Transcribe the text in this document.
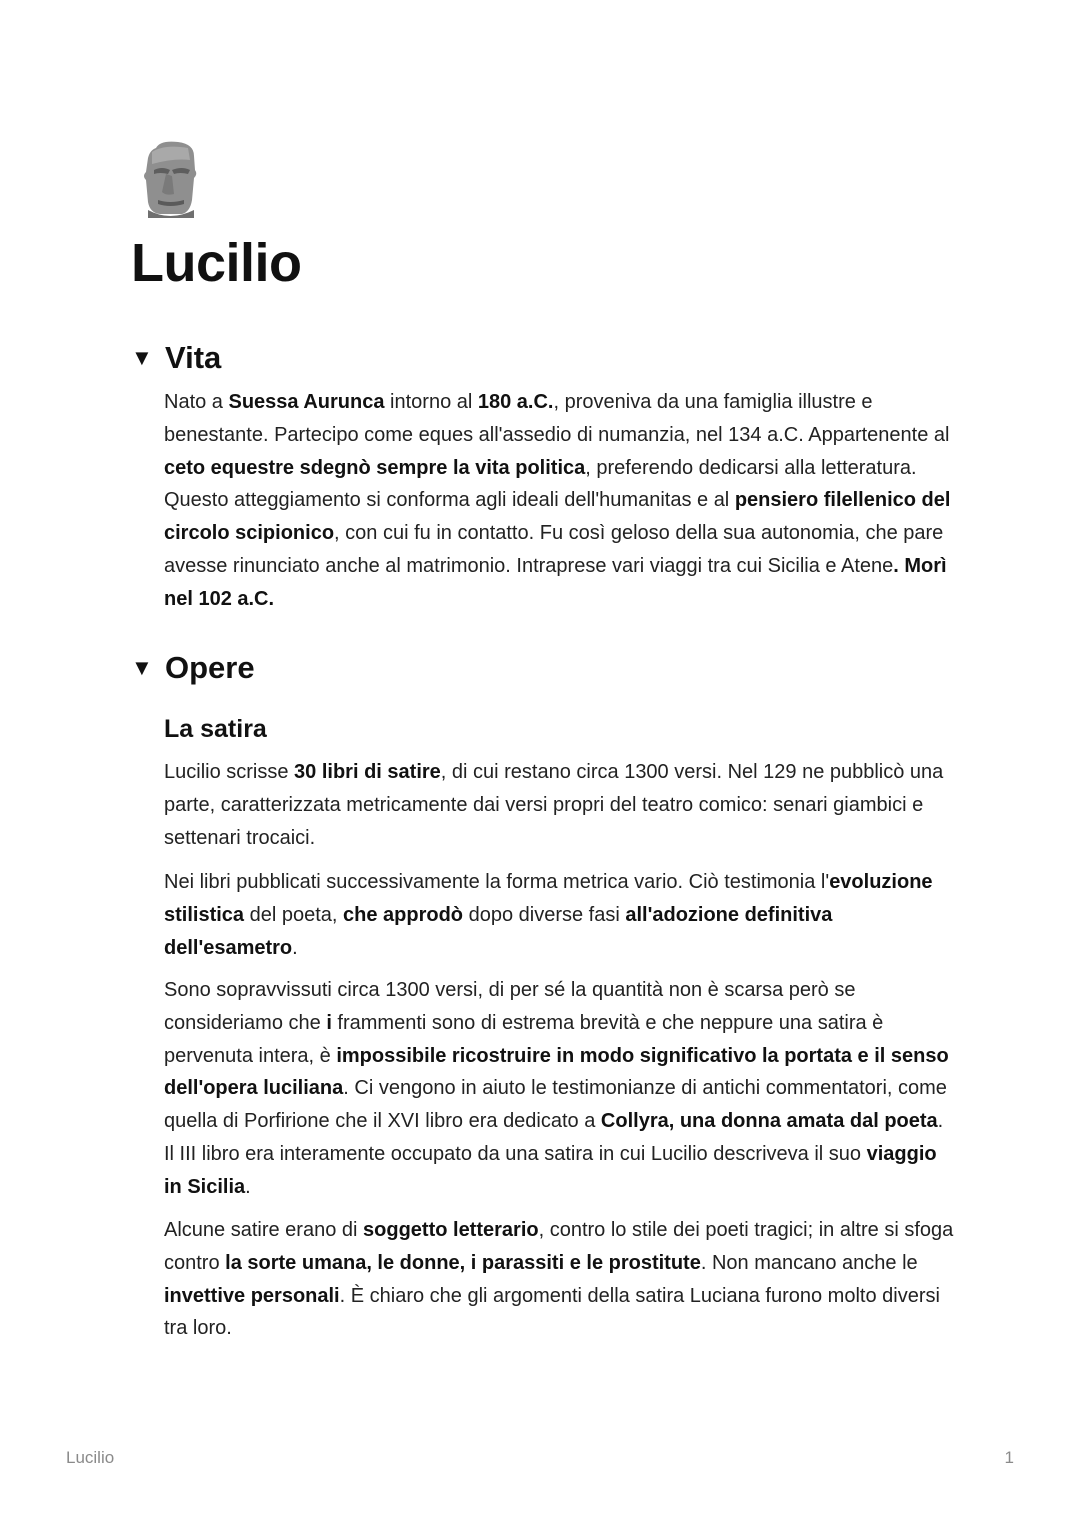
Lucilio
▼ Vita

Nato a Suessa Aurunca intorno al 180 a.C., proveniva da una famiglia illustre e benestante. Partecipo come eques all'assedio di numanzia, nel 134 a.C. Appartenente al ceto equestre sdegnò sempre la vita politica, preferendo dedicarsi alla letteratura. Questo atteggiamento si conforma agli ideali dell'humanitas e al pensiero filellenico del circolo scipionico, con cui fu in contatto. Fu così geloso della sua autonomia, che pare avesse rinunciato anche al matrimonio. Intraprese vari viaggi tra cui Sicilia e Atene. Morì nel 102 a.C.

▼ Opere
La satira

Lucilio scrisse 30 libri di satire, di cui restano circa 1300 versi. Nel 129 ne pubblicò una parte, caratterizzata metricamente dai versi propri del teatro comico: senari giambici e settenari trocaici.

Nei libri pubblicati successivamente la forma metrica vario. Ciò testimonia l'evoluzione stilistica del poeta, che approdò dopo diverse fasi all'adozione definitiva dell'esametro.

Sono sopravvissuti circa 1300 versi, di per sé la quantità non è scarsa però se consideriamo che i frammenti sono di estrema brevità e che neppure una satira è pervenuta intera, è impossibile ricostruire in modo significativo la portata e il senso dell'opera luciliana. Ci vengono in aiuto le testimonianze di antichi commentatori, come quella di Porfirione che il XVI libro era dedicato a Collyra, una donna amata dal poeta. Il III libro era interamente occupato da una satira in cui Lucilio descriveva il suo viaggio in Sicilia.

Alcune satire erano di soggetto letterario, contro lo stile dei poeti tragici; in altre si sfoga contro la sorte umana, le donne, i parassiti e le prostitute. Non mancano anche le invettive personali. È chiaro che gli argomenti della satira Luciana furono molto diversi tra loro.

Lucilio	1
